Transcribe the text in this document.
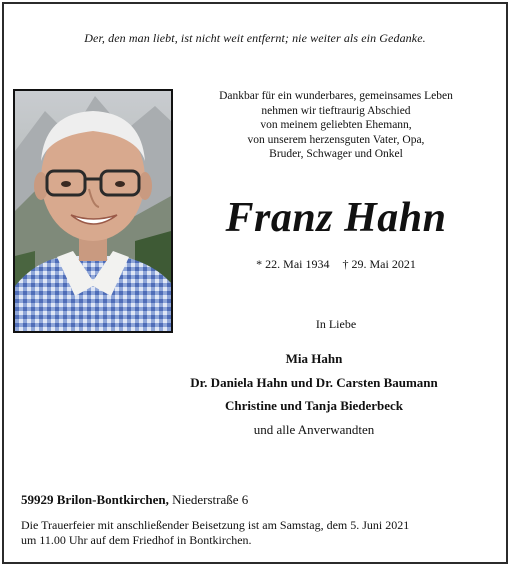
Der, den man liebt, ist nicht weit entfernt; nie weiter als ein Gedanke.
Dankbar für ein wunderbares, gemeinsames Leben
nehmen wir tieftraurig Abschied
von meinem geliebten Ehemann,
von unserem herzensguten Vater, Opa,
Bruder, Schwager und Onkel
Franz Hahn
* 22. Mai 1934 † 29. Mai 2021
In Liebe
Mia Hahn
Dr. Daniela Hahn und Dr. Carsten Baumann
Christine und Tanja Biederbeck
und alle Anverwandten
59929 Brilon-Bontkirchen, Niederstraße 6
Die Trauerfeier mit anschließender Beisetzung ist am Samstag, dem 5. Juni 2021
um 11.00 Uhr auf dem Friedhof in Bontkirchen.
